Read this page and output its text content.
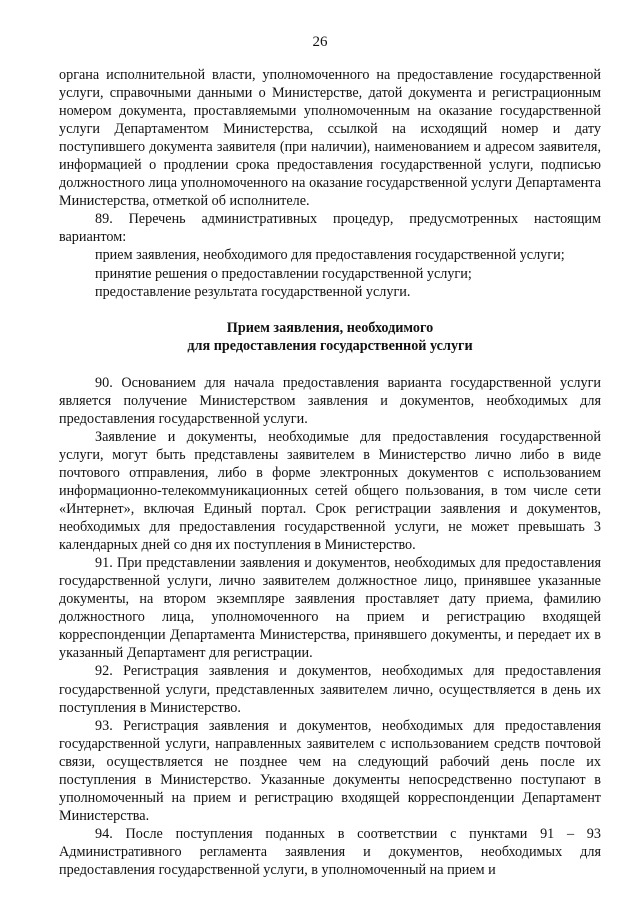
26

органа исполнительной власти, уполномоченного на предоставление государственной услуги, справочными данными о Министерстве, датой документа и регистрационным номером документа, проставляемыми уполномоченным на оказание государственной услуги Департаментом Министерства, ссылкой на исходящий номер и дату поступившего документа заявителя (при наличии), наименованием и адресом заявителя, информацией о продлении срока предоставления государственной услуги, подписью должностного лица уполномоченного на оказание государственной услуги Департамента Министерства, отметкой об исполнителе.

89. Перечень административных процедур, предусмотренных настоящим вариантом:

прием заявления, необходимого для предоставления государственной услуги;

принятие решения о предоставлении государственной услуги;

предоставление результата государственной услуги.

Прием заявления, необходимого

для предоставления государственной услуги

90. Основанием для начала предоставления варианта государственной услуги является получение Министерством заявления и документов, необходимых для предоставления государственной услуги.

Заявление и документы, необходимые для предоставления государственной услуги, могут быть представлены заявителем в Министерство лично либо в виде почтового отправления, либо в форме электронных документов с использованием информационно-телекоммуникационных сетей общего пользования, в том числе сети «Интернет», включая Единый портал. Срок регистрации заявления и документов, необходимых для предоставления государственной услуги, не может превышать 3 календарных дней со дня их поступления в Министерство.

91. При представлении заявления и документов, необходимых для предоставления государственной услуги, лично заявителем должностное лицо, принявшее указанные документы, на втором экземпляре заявления проставляет дату приема, фамилию должностного лица, уполномоченного на прием и регистрацию входящей корреспонденции Департамента Министерства, принявшего документы, и передает их в указанный Департамент для регистрации.

92. Регистрация заявления и документов, необходимых для предоставления государственной услуги, представленных заявителем лично, осуществляется в день их поступления в Министерство.

93. Регистрация заявления и документов, необходимых для предоставления государственной услуги, направленных заявителем с использованием средств почтовой связи, осуществляется не позднее чем на следующий рабочий день после их поступления в Министерство. Указанные документы непосредственно поступают в уполномоченный на прием и регистрацию входящей корреспонденции Департамент Министерства.

94. После поступления поданных в соответствии с пунктами 91 – 93 Административного регламента заявления и документов, необходимых для предоставления государственной услуги, в уполномоченный на прием и
